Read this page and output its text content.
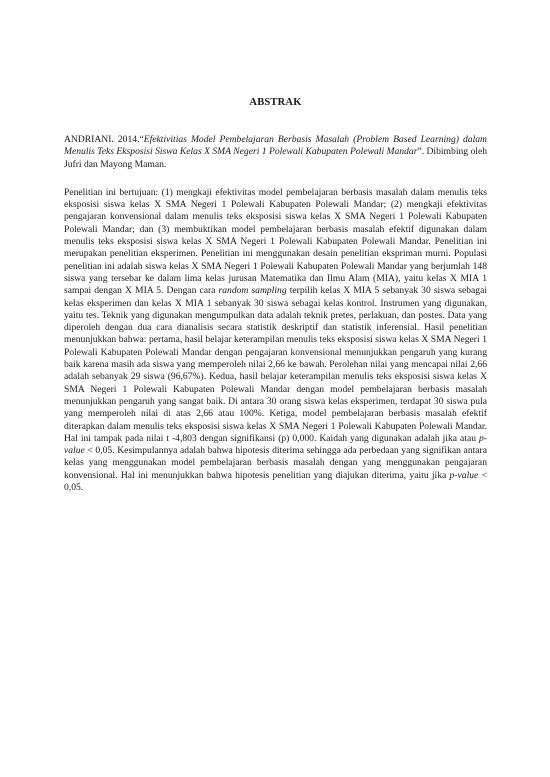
ABSTRAK

ANDRIANI. 2014.“Efektivitias Model Pembelajaran Berbasis Masalah (Problem Based Learning) dalam Menulis Teks Eksposisi Siswa Kelas X SMA Negeri 1 Polewali Kabupaten Polewali Mandar”. Dibimbing oleh Jufri dan Mayong Maman.

Penelitian ini bertujuan: (1) mengkaji efektivitas model pembelajaran berbasis masalah dalam menulis teks eksposisi siswa kelas X SMA Negeri 1 Polewali Kabupaten Polewali Mandar; (2) mengkaji efektivitas pengajaran konvensional dalam menulis teks eksposisi siswa kelas X SMA Negeri 1 Polewali Kabupaten Polewali Mandar; dan (3) membuktikan model pembelajaran berbasis masalah efektif digunakan dalam menulis teks eksposisi siswa kelas X SMA Negeri 1 Polewali Kabupaten Polewali Mandar. Penelitian ini merupakan penelitian eksperimen. Penelitian ini menggunakan desain penelitian ekspriman murni. Populasi penelitian ini adalah siswa kelas X SMA Negeri 1 Polewali Kabupaten Polewali Mandar yang berjumlah 148 siswa yang tersebar ke dalam lima kelas jurusan Matematika dan Ilmu Alam (MIA), yaitu kelas X MIA 1 sampai dengan X MIA 5. Dengan cara random sampling terpilih kelas X MIA 5 sebanyak 30 siswa sebagai kelas eksperimen dan kelas X MIA 1 sebanyak 30 siswa sebagai kelas kontrol. Instrumen yang digunakan, yaitu tes. Teknik yang digunakan mengumpulkan data adalah teknik pretes, perlakuan, dan postes. Data yang diperoleh dengan dua cara dianalisis secara statistik deskriptif dan statistik inferensial. Hasil penelitian menunjukkan bahwa: pertama, hasil belajar keterampilan menulis teks eksposisi siswa kelas X SMA Negeri 1 Polewali Kabupaten Polewali Mandar dengan pengajaran konvensional menunjukkan pengaruh yang kurang baik karena masih ada siswa yang memperoleh nilai 2,66 ke bawah. Perolehan nilai yang mencapai nilai 2,66 adalah sebanyak 29 siswa (96,67%). Kedua, hasil belajar keterampilan menulis teks eksposisi siswa kelas X SMA Negeri 1 Polewali Kabupaten Polewali Mandar dengan model pembelajaran berbasis masalah menunjukkan pengaruh yang sangat baik. Di antara 30 orang siswa kelas eksperimen, terdapat 30 siswa pula yang memperoleh nilai di atas 2,66 atau 100%. Ketiga, model pembelajaran berbasis masalah efektif diterapkan dalam menulis teks eksposisi siswa kelas X SMA Negeri 1 Polewali Kabupaten Polewali Mandar. Hal ini tampak pada nilai t -4,803 dengan signifikansi (p) 0,000. Kaidah yang digunakan adalah jika atau p-value < 0,05. Kesimpulannya adalah bahwa hipotesis diterima sehingga ada perbedaan yang signifikan antara kelas yang menggunakan model pembelajaran berbasis masalah dengan yang menggunakan pengajaran konvensional. Hal ini menunjukkan bahwa hipotesis penelitian yang diajukan diterima, yaitu jika p-value < 0,05.
